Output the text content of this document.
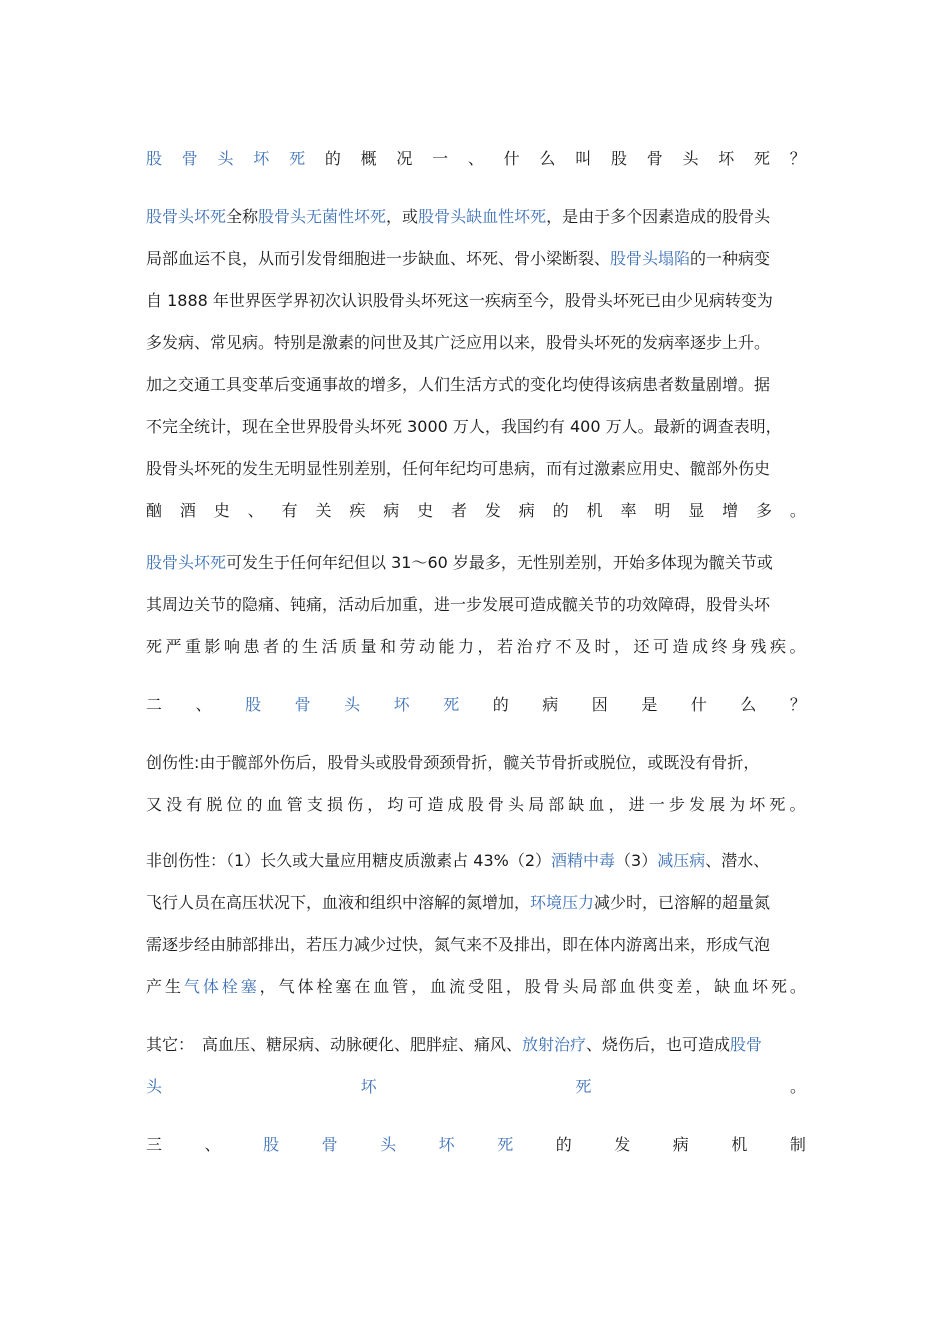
股 骨 头 坏 死 的 概 况 一 、 什 么 叫 股 骨 头 坏 死 ？
股骨头坏死全称股骨头无菌性坏死，或股骨头缺血性坏死，是由于多个因素造成的股骨头
局部血运不良，从而引发骨细胞进一步缺血、坏死、骨小梁断裂、股骨头塌陷的一种病变
自 1888 年世界医学界初次认识股骨头坏死这一疾病至今，股骨头坏死已由少见病转变为
多发病、常见病。特别是激素的问世及其广泛应用以来，股骨头坏死的发病率逐步上升。
加之交通工具变革后变通事故的增多，人们生活方式的变化均使得该病患者数量剧增。据
不完全统计，现在全世界股骨头坏死 3000 万人，我国约有 400 万人。最新的调查表明，
股骨头坏死的发生无明显性别差别，任何年纪均可患病，而有过激素应用史、髋部外伤史
酗 酒 史 、 有 关 疾 病 史 者 发 病 的 机 率 明 显 增 多 。
股骨头坏死可发生于任何年纪但以 31～60 岁最多，无性别差别，开始多体现为髋关节或
其周边关节的隐痛、钝痛，活动后加重，进一步发展可造成髋关节的功效障碍，股骨头坏
死 严 重 影 响 患 者 的 生 活 质 量 和 劳 动 能 力 ， 若 治 疗 不 及 时 ， 还 可 造 成 终 身 残 疾 。
二 、 股 骨 头 坏 死 的 病 因 是 什 么 ？
创伤性:由于髋部外伤后，股骨头或股骨颈颈骨折，髋关节骨折或脱位，或既没有骨折，
又 没 有 脱 位 的 血 管 支 损 伤 ， 均 可 造 成 股 骨 头 局 部 缺 血 ， 进 一 步 发 展 为 坏 死 。
非创伤性：（1）长久或大量应用糖皮质激素占 43%（2）酒精中毒（3）减压病、潜水、
飞行人员在高压状况下，血液和组织中溶解的氮增加，环境压力减少时，已溶解的超量氮
需逐步经由肺部排出，若压力减少过快，氮气来不及排出，即在体内游离出来，形成气泡
产 生 气 体 栓 塞 ， 气 体 栓 塞 在 血 管 ， 血 流 受 阻 ， 股 骨 头 局 部 血 供 变 差 ， 缺 血 坏 死 。
其它：　高血压、糖尿病、动脉硬化、肥胖症、痛风、放射治疗、烧伤后，也可造成股骨
头	坏	死	。
三	、	股	骨	头	坏	死	的	发	病	机	制
